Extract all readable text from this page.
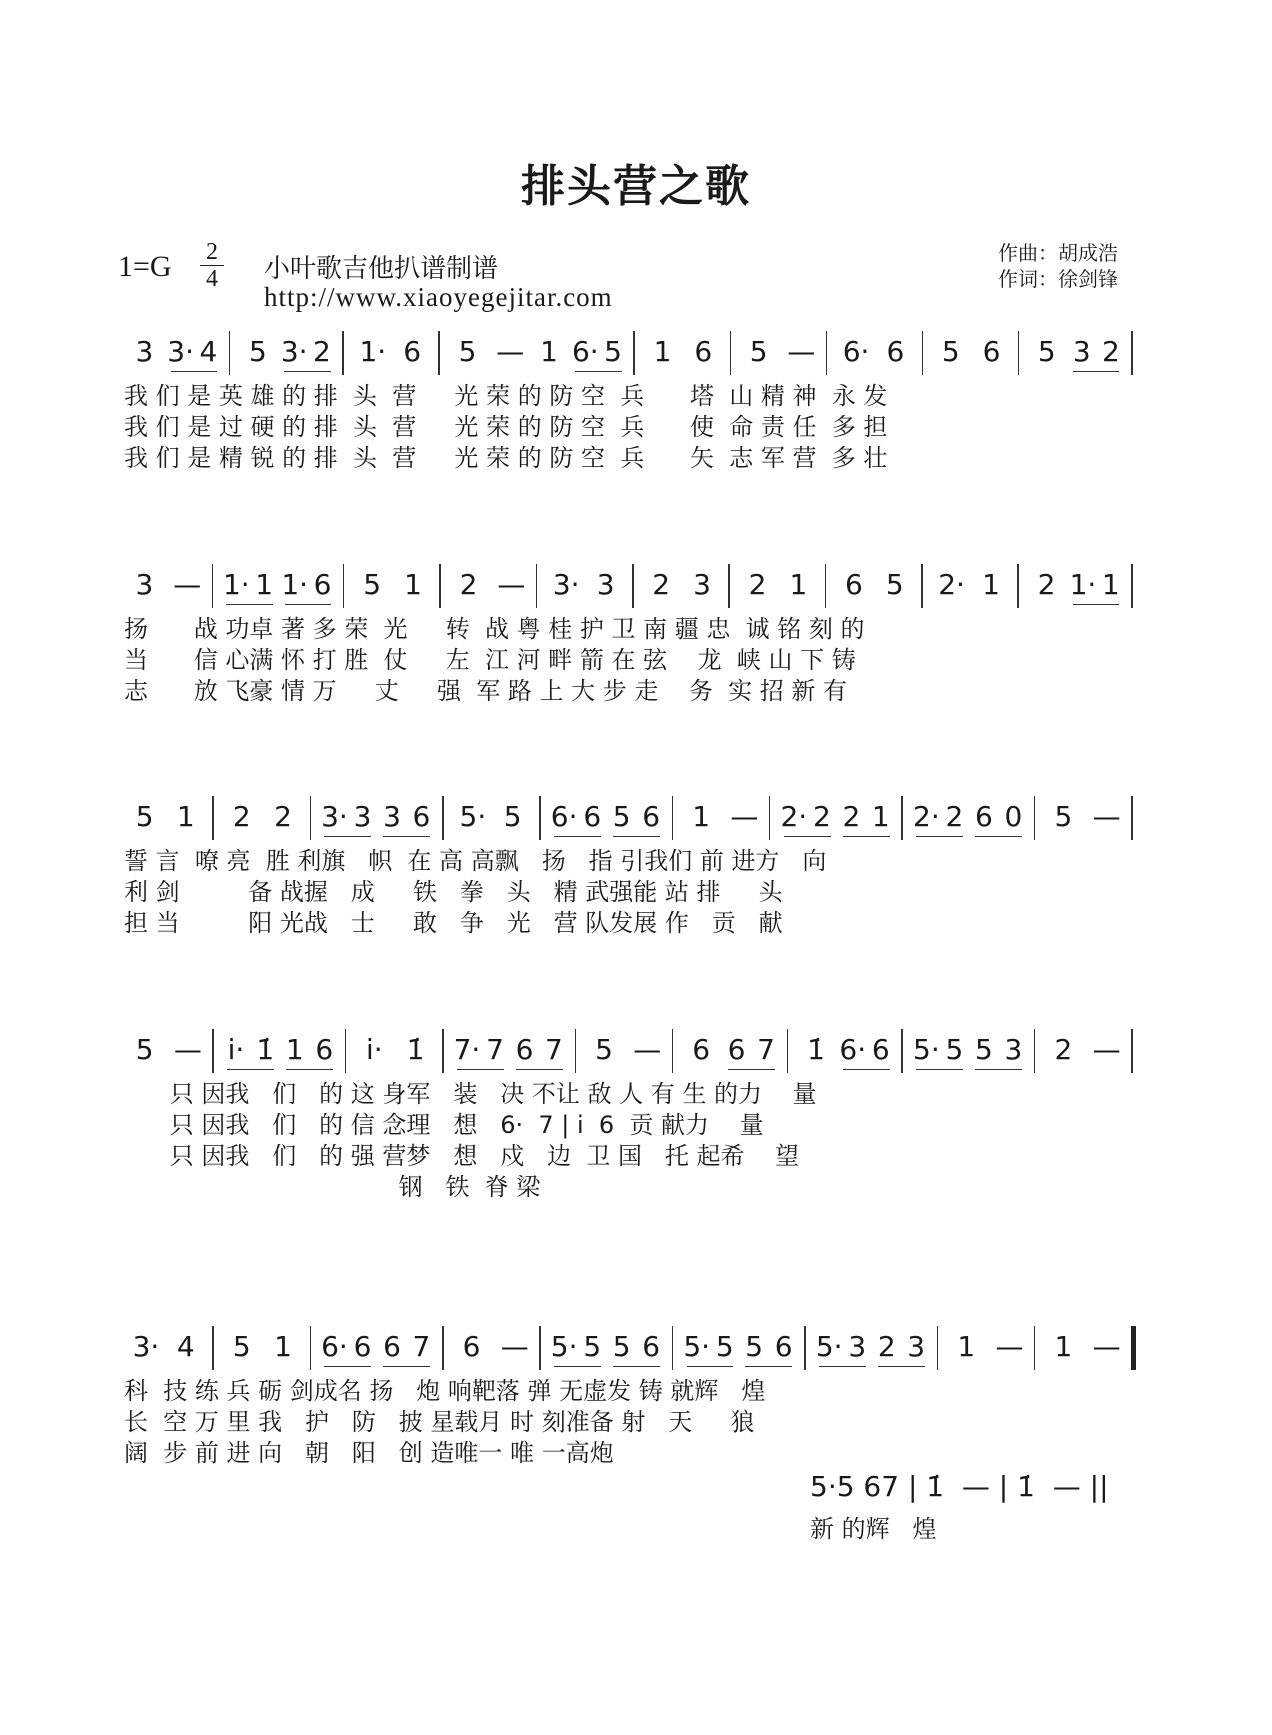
排头营之歌
1=G	2
4	小叶歌吉他扒谱制谱
http://www.xiaoyegejitar.com
作曲：胡成浩
作词：徐剑锋
3 3· 4 5 3· 2 1· 6 5 — 1 6· 5 1 6 5 — 6· 6 5 6 5 3 2
我 们 是 英 雄 的 排  头  营     光 荣 的 防 空  兵      塔  山 精 神  永 发
我 们 是 过 硬 的 排  头  营     光 荣 的 防 空  兵      使  命 责 任  多 担
我 们 是 精 锐 的 排  头  营     光 荣 的 防 空  兵      矢  志 军 营  多 壮
3 — 1· 1 1· 6 5 1 2 — 3· 3 2 3 2 1 6 5 2· 1 2 1· 1
扬      战 功卓 著 多 荣  光     转  战 粤 桂 护 卫 南 疆 忠  诚 铭 刻 的
当      信 心满 怀 打 胜  仗     左  江 河 畔 箭 在 弦    龙  峡 山 下 铸
志      放 飞豪 情 万     丈     强  军 路 上 大 步 走    务  实 招 新 有
5 1 2 2 3· 3 3 6 5· 5 6· 6 5 6 1 — 2· 2 2 1 2· 2 6 0 5 —
誓 言  嘹 亮  胜 利旗   帜  在 高 高飘   扬   指 引我们 前 进方   向
利 剑         备 战握   成     铁   拳   头   精 武强能 站 排     头
担 当         阳 光战   士     敢   争   光   营 队发展 作   贡   献
5 — i· 1̇ 1 6 i· 1̇ 7· 7 6 7 5 — 6 6 7 1̇ 6· 6 5· 5 5 3 2 —
只 因我   们   的 这 身军   装   决 不让 敌 人 有 生 的力    量
只 因我   们   的 信 念理   想   6·  7 | i  6  贡 献力    量
只 因我   们   的 强 营梦   想   戍   边  卫 国   托 起希    望
钢   铁  脊 梁
3· 4 5 1 6· 6 6 7 6 — 5· 5 5 6 5· 5 5 6 5· 3 2 3 1 — 1 —
科  技 练 兵 砺 剑成名 扬   炮 响靶落 弹 无虚发 铸 就辉   煌
长  空 万 里 我   护   防   披 星载月 时 刻准备 射   天     狼
阔  步 前 进 向   朝   阳   创 造唯一 唯 一高炮
5·5 67 | 1̇  — | 1̇  — ||
新 的辉   煌
